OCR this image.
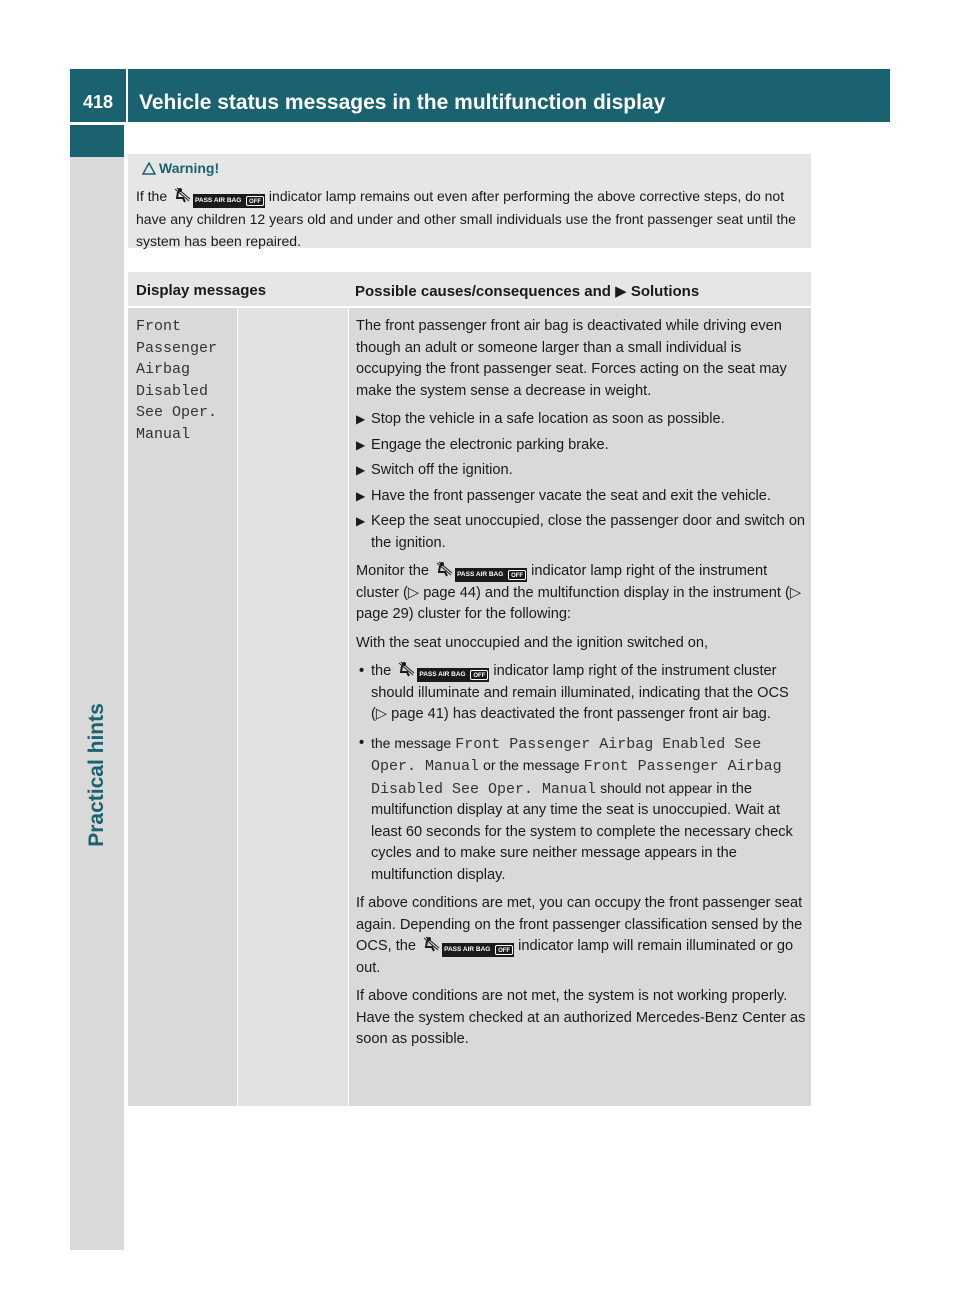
418	Vehicle status messages in the multifunction display
Practical hints
Warning!
If the	PASS AIR BAG	OFF indicator lamp remains out even after performing the above corrective steps, do not have any children 12 years old and under and other small individuals use the front passenger seat until the system has been repaired.
Display messages	Possible causes/consequences and ▶ Solutions
Front
Passenger
Airbag
Disabled
See Oper.
Manual

The front passenger front air bag is deactivated while driving even though an adult or someone larger than a small individual is occupying the front passenger seat. Forces acting on the seat may make the system sense a decrease in weight.

▶ Stop the vehicle in a safe location as soon as possible.
▶ Engage the electronic parking brake.
▶ Switch off the ignition.
▶ Have the front passenger vacate the seat and exit the vehicle.
▶ Keep the seat unoccupied, close the passenger door and switch on the ignition.

Monitor the	PASS AIR BAG	OFF indicator lamp right of the instrument cluster (▷ page 44) and the multifunction display in the instrument (▷ page 29) cluster for the following:

With the seat unoccupied and the ignition switched on,

• the	PASS AIR BAG	OFF indicator lamp right of the instrument cluster should illuminate and remain illuminated, indicating that the OCS (▷ page 41) has deactivated the front passenger front air bag.
• the message Front Passenger Airbag Enabled See Oper. Manual or the message Front Passenger Airbag Disabled See Oper. Manual should not appear in the multifunction display at any time the seat is unoccupied. Wait at least 60 seconds for the system to complete the necessary check cycles and to make sure neither message appears in the multifunction display.

If above conditions are met, you can occupy the front passenger seat again. Depending on the front passenger classification sensed by the OCS, the	PASS AIR BAG	OFF indicator lamp will remain illuminated or go out.

If above conditions are not met, the system is not working properly. Have the system checked at an authorized Mercedes-Benz Center as soon as possible.
